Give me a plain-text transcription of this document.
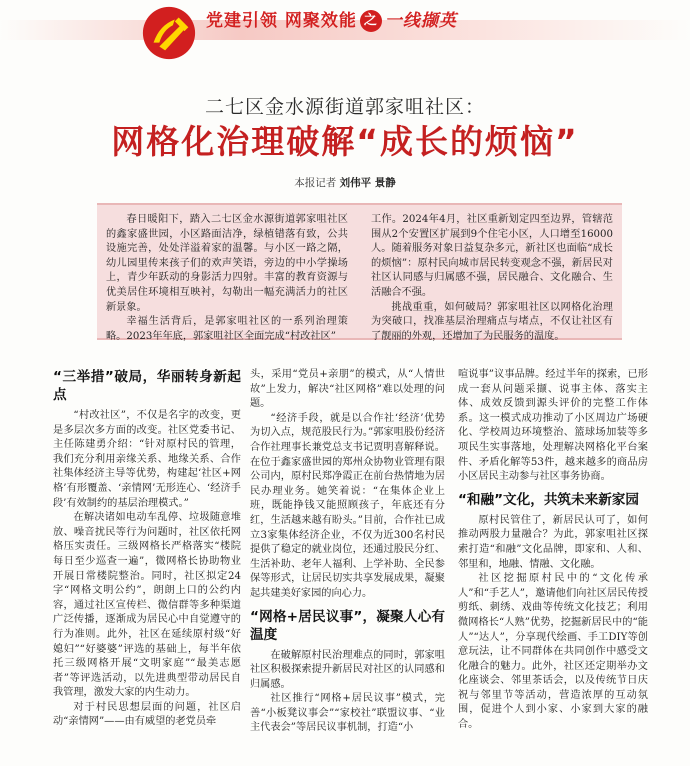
党建引领 网聚效能 之 一线撷英
二七区金水源街道郭家咀社区：
网格化治理破解“成长的烦恼”
本报记者 刘伟平 景静

春日暖阳下，踏入二七区金水源街道郭家咀社区的鑫家盛世园，小区路面洁净，绿植错落有致，公共设施完善，处处洋溢着家的温馨。与小区一路之隔，幼儿园里传来孩子们的欢声笑语，旁边的中小学操场上，青少年跃动的身影活力四射。丰富的教育资源与优美居住环境相互映衬，勾勒出一幅充满活力的社区新景象。

幸福生活背后，是郭家咀社区的一系列治理策略。2023年年底，郭家咀社区全面完成“村改社区”

工作。2024年4月，社区重新划定四至边界，管辖范围从2个安置区扩展到9个住宅小区，人口增至16000人。随着服务对象日益复杂多元，新社区也面临“成长的烦恼”：原村民向城市居民转变观念不强，新居民对社区认同感与归属感不强，居民融合、文化融合、生活融合不强。

挑战重重，如何破局？郭家咀社区以网格化治理为突破口，找准基层治理痛点与堵点，不仅让社区有了靓丽的外观，还增加了为民服务的温度。

“三举措”破局，华丽转身新起点

“村改社区”，不仅是名字的改变，更是多层次多方面的改变。社区党委书记、主任陈建勇介绍：“针对原村民的管理，我们充分利用亲缘关系、地缘关系、合作社集体经济主导等优势，构建起‘社区+网格’有形覆盖、‘亲情网’无形连心、‘经济手段’有效制约的基层治理模式。”

在解决诸如电动车乱停、垃圾随意堆放、噪音扰民等行为问题时，社区依托网格压实责任。三级网格长严格落实“楼院每日至少巡查一遍”，微网格长协助物业开展日常楼院整治。同时，社区拟定24字“网格文明公约”，朗朗上口的公约内容，通过社区宣传栏、微信群等多种渠道广泛传播，逐渐成为居民心中自觉遵守的行为准则。此外，社区在延续原村级“好媳妇”“好婆婆”评选的基础上，每半年依托三级网格开展“文明家庭”“最美志愿者”等评选活动，以先进典型带动居民自我管理，激发大家的内生动力。

对于村民思想层面的问题，社区启动“亲情网”——由有威望的老党员牵

头，采用“党员+亲朋”的模式，从“人情世故”上发力，解决“社区网格”难以处理的问题。

“经济手段，就是以合作社‘经济’优势为切入点，规范股民行为。”郭家咀股份经济合作社理事长兼党总支书记贾明喜解释说。在位于鑫家盛世园的郑州众协物业管理有限公司内，原村民郑净霞正在前台热情地为居民办理业务。她笑着说：“在集体企业上班，既能挣钱又能照顾孩子，年底还有分红，生活越来越有盼头。”目前，合作社已成立3家集体经济企业，不仅为近300名村民提供了稳定的就业岗位，还通过股民分红、生活补助、老年人福利、上学补助、全民参保等形式，让居民切实共享发展成果，凝聚起共建美好家园的向心力。

“网格+居民议事”，凝聚人心有温度

在破解原村民治理难点的同时，郭家咀社区积极探索提升新居民对社区的认同感和归属感。

社区推行“网格+居民议事”模式，完善“小板凳议事会”“家校社”联盟议事、“业主代表会”等居民议事机制，打造“小

喧说事”议事品牌。经过半年的探索，已形成一套从问题采撷、说事主体、落实主体、成效反馈到源头评价的完整工作体系。这一模式成功推动了小区周边广场硬化、学校周边环境整治、篮球场加装等多项民生实事落地，处理解决网格化平台案件、矛盾化解等53件，越来越多的商品房小区居民主动参与社区事务协商。

“和融”文化，共筑未来新家园

原村民管住了，新居民认可了，如何推动两股力量融合？为此，郭家咀社区探索打造“和融”文化品牌，即家和、人和、邻里和，地融、情融、文化融。

社区挖掘原村民中的“文化传承人”和“手艺人”，邀请他们向社区居民传授剪纸、刺绣、戏曲等传统文化技艺；利用微网格长“人熟”优势，挖掘新居民中的“能人”“达人”，分享现代绘画、手工DIY等创意玩法，让不同群体在共同创作中感受文化融合的魅力。此外，社区还定期举办文化座谈会、邻里茶话会，以及传统节日庆祝与邻里节等活动，营造浓厚的互动氛围，促进个人到小家、小家到大家的融合。
